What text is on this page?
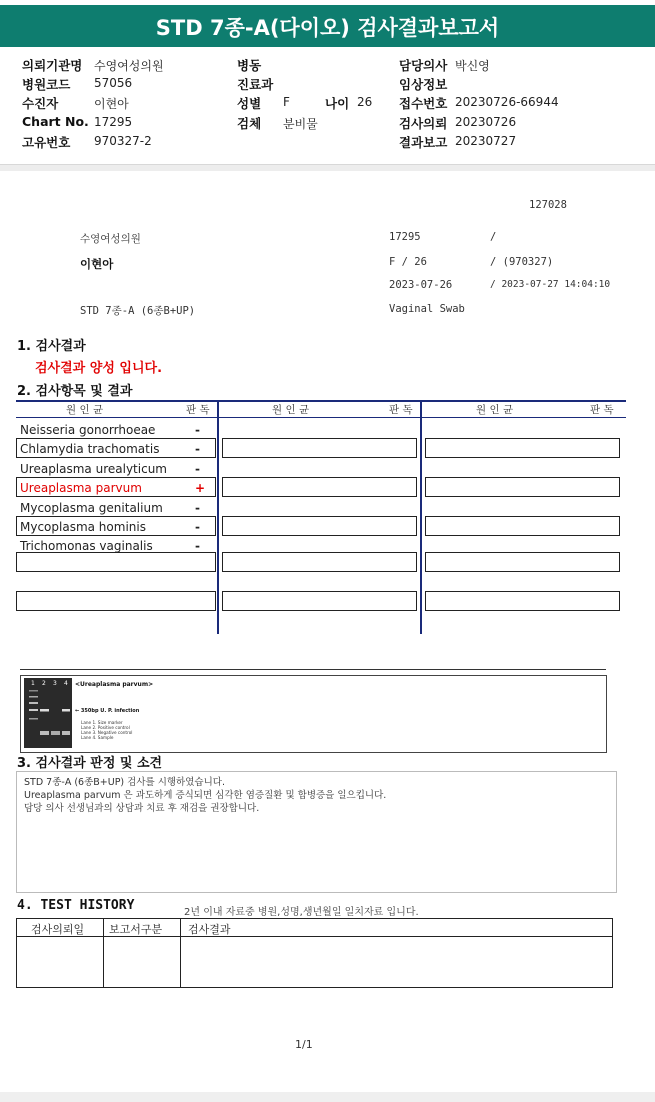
STD 7종-A(다이오) 검사결과보고서
의뢰기관명 수영여성의원
병원코드 57056
수진자	이현아
Chart No. 17295
고유번호 970327-2
병동
진료과
성별 F
검체 분비물
담당의사 박신영
임상정보
접수번호 20230726-66944
검사의뢰 20230726
결과보고 20230727
나이 26
127028
수영여성의원	17295	/
이현아	F / 26	/ (970327)
2023-07-26	/ 2023-07-27 14:04:10
STD 7종-A (6종B+UP)	Vaginal Swab
1. 검사결과
검사결과 양성 입니다.
2. 검사항목 및 결과
원 인 균	판 독	원 인 균	판 독	원 인 균	판 독
Neisseria gonorrhoeae	-
Chlamydia trachomatis	-
Ureaplasma urealyticum -
Ureaplasma parvum	+
Mycoplasma genitalium	-
Mycoplasma hominis	-
Trichomonas vaginalis	-
1 2 3 4 <Ureaplasma parvum>
← 350bp U. P. infection
Lane 1. Size marker
Lane 2. Positive control
Lane 3. Negative control
Lane 4. Sample
3. 검사결과 판정 및 소견
STD 7종-A (6종B+UP) 검사를 시행하였습니다.
Ureaplasma parvum 은 과도하게 증식되면 심각한 염증질환 및 합병증을 일으킵니다.
담당 의사 선생님과의 상담과 치료 후 재검을 권장합니다.
4. TEST HISTORY	2년 이내 자료중 병원,성명,생년월일 일치자료 입니다.
검사의뢰일 보고서구분 검사결과
1/1
